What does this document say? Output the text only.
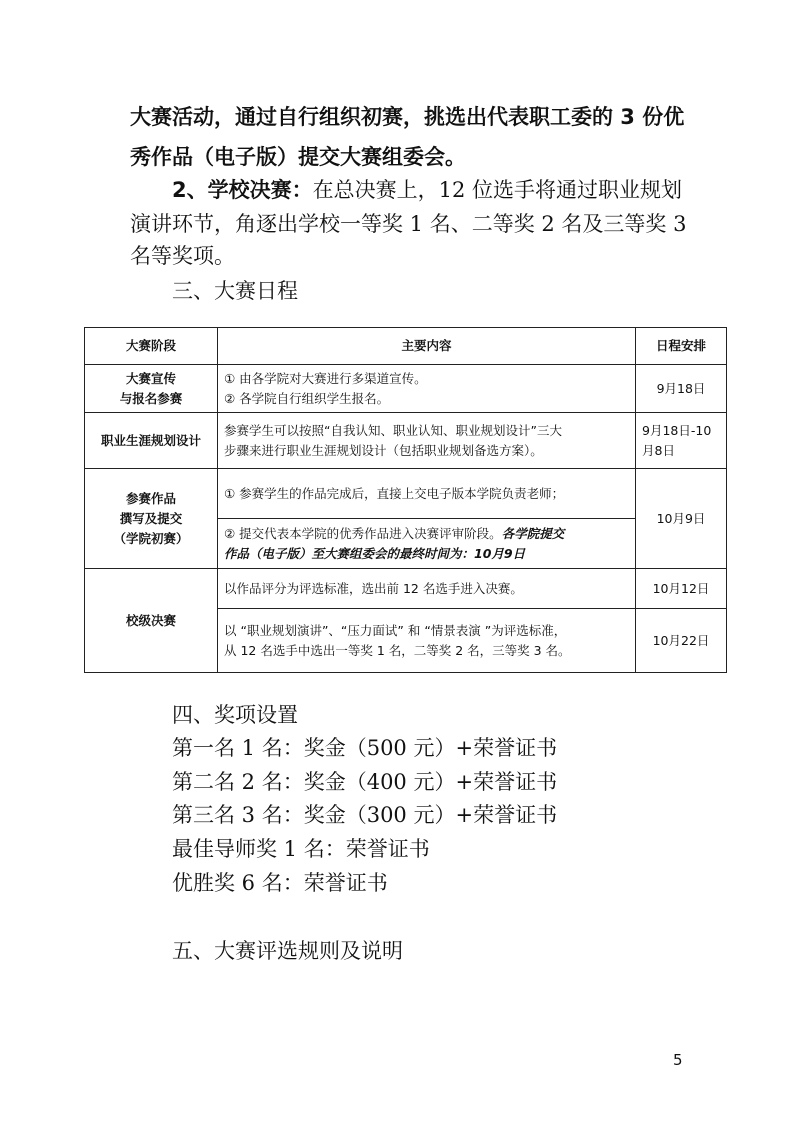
大赛活动，通过自行组织初赛，挑选出代表职工委的 3 份优
秀作品（电子版）提交大赛组委会。
2、学校决赛：在总决赛上，12 位选手将通过职业规划
演讲环节，角逐出学校一等奖 1 名、二等奖 2 名及三等奖 3
名等奖项。
三、大赛日程
大赛阶段	主要内容	日程安排

大赛宣传
与报名参赛	① 由各学院对大赛进行多渠道宣传。
② 各学院自行组织学生报名。	9月18日
职业生涯规划设计	参赛学生可以按照“自我认知、职业认知、职业规划设计”三大
步骤来进行职业生涯规划设计（包括职业规划备选方案）。	9月18日-10
月8日

参赛作品
撰写及提交
（学院初赛）	① 参赛学生的作品完成后，直接上交电子版本学院负责老师；	10月9日
	② 提交代表本学院的优秀作品进入决赛评审阶段。各学院提交
作品（电子版）至大赛组委会的最终时间为：10月9日	

校级决赛	以作品评分为评选标准，选出前 12 名选手进入决赛。	10月12日

	以 “职业规划演讲”、“压力面试” 和 “情景表演 ”为评选标准，
从 12 名选手中选出一等奖 1 名，二等奖 2 名，三等奖 3 名。	10月22日
四、奖项设置
第一名 1 名：奖金（500 元）+荣誉证书
第二名 2 名：奖金（400 元）+荣誉证书
第三名 3 名：奖金（300 元）+荣誉证书
最佳导师奖 1 名：荣誉证书
优胜奖 6 名：荣誉证书
五、大赛评选规则及说明
5
